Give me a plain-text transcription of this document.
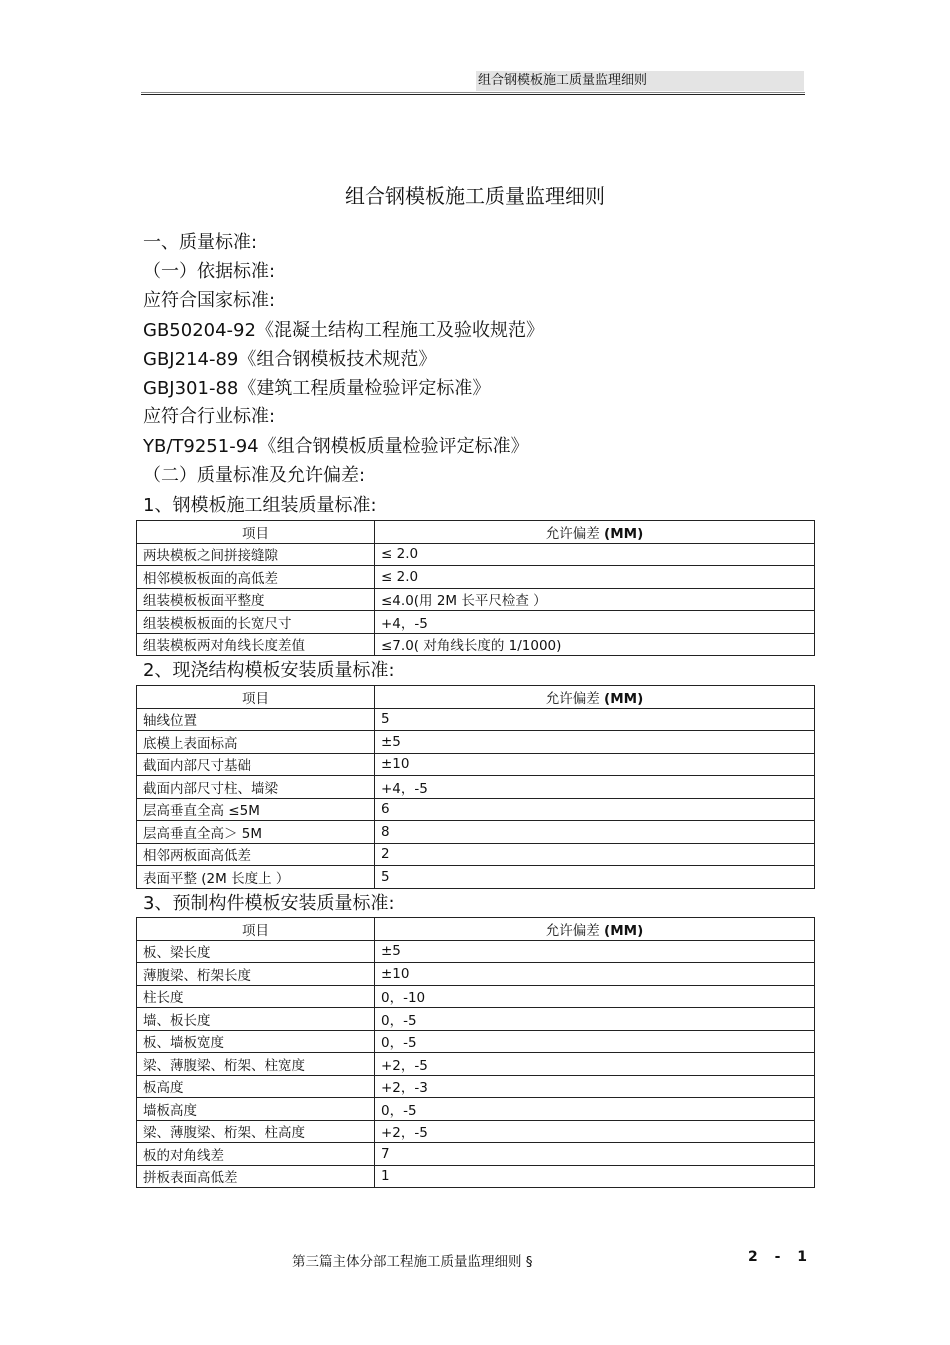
组合钢模板施工质量监理细则
组合钢模板施工质量监理细则
一、质量标准:
（一）依据标准:
应符合国家标准:
GB50204-92《混凝土结构工程施工及验收规范》
GBJ214-89《组合钢模板技术规范》
GBJ301-88《建筑工程质量检验评定标准》
应符合行业标准:
YB/T9251-94《组合钢模板质量检验评定标准》
（二）质量标准及允许偏差:
1、钢模板施工组装质量标准:
项目	允许偏差 (MM)
两块模板之间拼接缝隙	≤ 2.0
相邻模板板面的高低差	≤ 2.0
组装模板板面平整度	≤4.0(用 2M 长平尺检查 ）
组装模板板面的长宽尺寸	+4，-5
组装模板两对角线长度差值	≤7.0( 对角线长度的 1/1000)
2、现浇结构模板安装质量标准:
项目	允许偏差 (MM)
轴线位置	5
底模上表面标高	±5
截面内部尺寸基础	±10
截面内部尺寸柱、墙梁	+4，-5
层高垂直全高 ≤5M	6
层高垂直全高＞ 5M	8
相邻两板面高低差	2
表面平整 (2M 长度上 ）	5
3、预制构件模板安装质量标准:
项目	允许偏差 (MM)
板、梁长度	±5
薄腹梁、桁架长度	±10
柱长度	0，-10
墙、板长度	0，-5
板、墙板宽度	0，-5
梁、薄腹梁、桁架、柱宽度	+2，-5
板高度	+2，-3
墙板高度	0，-5
梁、薄腹梁、桁架、柱高度	+2，-5
板的对角线差	7
拼板表面高低差	1
第三篇主体分部工程施工质量监理细则 §	2 - 1
